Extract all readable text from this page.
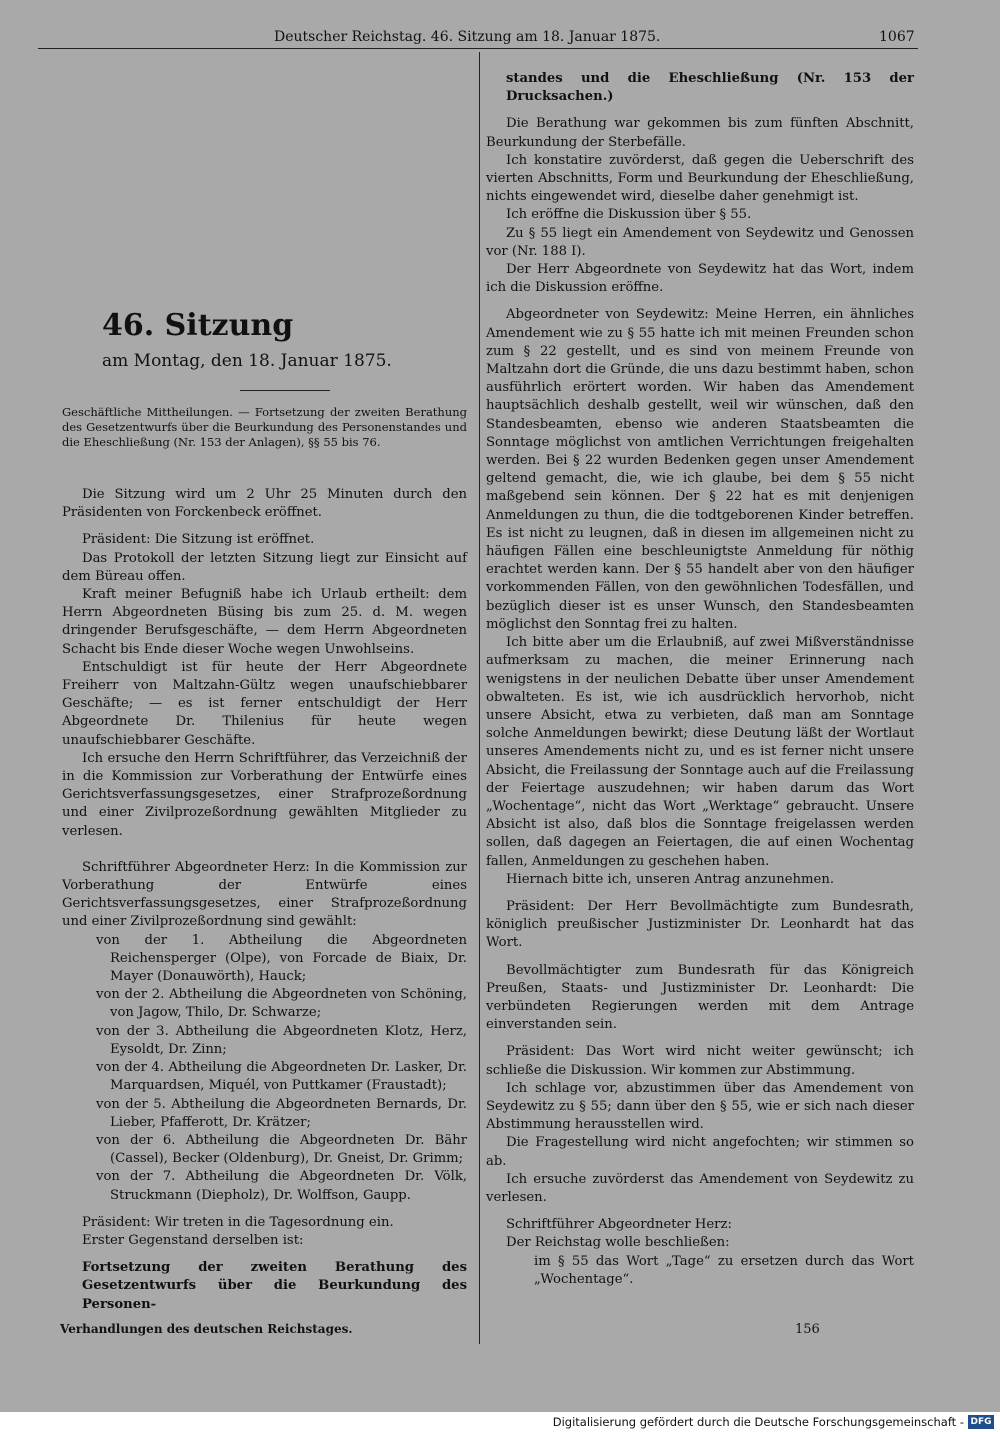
Deutscher Reichstag. 46. Sitzung am 18. Januar 1875.	1067

46. Sitzung

am Montag, den 18. Januar 1875.

Geschäftliche Mittheilungen. — Fortsetzung der zweiten Berathung des Gesetzentwurfs über die Beurkundung des Personenstandes und die Eheschließung (Nr. 153 der Anlagen), §§ 55 bis 76.

Die Sitzung wird um 2 Uhr 25 Minuten durch den Präsidenten von Forckenbeck eröffnet.

Präsident: Die Sitzung ist eröffnet.

Das Protokoll der letzten Sitzung liegt zur Einsicht auf dem Büreau offen.

Kraft meiner Befugniß habe ich Urlaub ertheilt: dem Herrn Abgeordneten Büsing bis zum 25. d. M. wegen dringender Berufsgeschäfte, — dem Herrn Abgeordneten Schacht bis Ende dieser Woche wegen Unwohlseins.

Entschuldigt ist für heute der Herr Abgeordnete Freiherr von Maltzahn-Gültz wegen unaufschiebbarer Geschäfte; — es ist ferner entschuldigt der Herr Abgeordnete Dr. Thilenius für heute wegen unaufschiebbarer Geschäfte.

Ich ersuche den Herrn Schriftführer, das Verzeichniß der in die Kommission zur Vorberathung der Entwürfe eines Gerichtsverfassungsgesetzes, einer Strafprozeßordnung und einer Zivilprozeßordnung gewählten Mitglieder zu verlesen.

Schriftführer Abgeordneter Herz: In die Kommission zur Vorberathung der Entwürfe eines Gerichtsverfassungsgesetzes, einer Strafprozeßordnung und einer Zivilprozeßordnung sind gewählt:

von der 1. Abtheilung die Abgeordneten Reichensperger (Olpe), von Forcade de Biaix, Dr. Mayer (Donauwörth), Hauck;

von der 2. Abtheilung die Abgeordneten von Schöning, von Jagow, Thilo, Dr. Schwarze;

von der 3. Abtheilung die Abgeordneten Klotz, Herz, Eysoldt, Dr. Zinn;

von der 4. Abtheilung die Abgeordneten Dr. Lasker, Dr. Marquardsen, Miquél, von Puttkamer (Fraustadt);

von der 5. Abtheilung die Abgeordneten Bernards, Dr. Lieber, Pfafferott, Dr. Krätzer;

von der 6. Abtheilung die Abgeordneten Dr. Bähr (Cassel), Becker (Oldenburg), Dr. Gneist, Dr. Grimm;

von der 7. Abtheilung die Abgeordneten Dr. Völk, Struckmann (Diepholz), Dr. Wolffson, Gaupp.

Präsident: Wir treten in die Tagesordnung ein.

Erster Gegenstand derselben ist:

Fortsetzung der zweiten Berathung des Gesetzentwurfs über die Beurkundung des Personen-

standes und die Eheschließung (Nr. 153 der Drucksachen.)

Die Berathung war gekommen bis zum fünften Abschnitt, Beurkundung der Sterbefälle.

Ich konstatire zuvörderst, daß gegen die Ueberschrift des vierten Abschnitts, Form und Beurkundung der Eheschließung, nichts eingewendet wird, dieselbe daher genehmigt ist.

Ich eröffne die Diskussion über § 55.

Zu § 55 liegt ein Amendement von Seydewitz und Genossen vor (Nr. 188 I).

Der Herr Abgeordnete von Seydewitz hat das Wort, indem ich die Diskussion eröffne.

Abgeordneter von Seydewitz: Meine Herren, ein ähnliches Amendement wie zu § 55 hatte ich mit meinen Freunden schon zum § 22 gestellt, und es sind von meinem Freunde von Maltzahn dort die Gründe, die uns dazu bestimmt haben, schon ausführlich erörtert worden. Wir haben das Amendement hauptsächlich deshalb gestellt, weil wir wünschen, daß den Standesbeamten, ebenso wie anderen Staatsbeamten die Sonntage möglichst von amtlichen Verrichtungen freigehalten werden. Bei § 22 wurden Bedenken gegen unser Amendement geltend gemacht, die, wie ich glaube, bei dem § 55 nicht maßgebend sein können. Der § 22 hat es mit denjenigen Anmeldungen zu thun, die die todtgeborenen Kinder betreffen. Es ist nicht zu leugnen, daß in diesen im allgemeinen nicht zu häufigen Fällen eine beschleunigtste Anmeldung für nöthig erachtet werden kann. Der § 55 handelt aber von den häufiger vorkommenden Fällen, von den gewöhnlichen Todesfällen, und bezüglich dieser ist es unser Wunsch, den Standesbeamten möglichst den Sonntag frei zu halten.

Ich bitte aber um die Erlaubniß, auf zwei Mißverständnisse aufmerksam zu machen, die meiner Erinnerung nach wenigstens in der neulichen Debatte über unser Amendement obwalteten. Es ist, wie ich ausdrücklich hervorhob, nicht unsere Absicht, etwa zu verbieten, daß man am Sonntage solche Anmeldungen bewirkt; diese Deutung läßt der Wortlaut unseres Amendements nicht zu, und es ist ferner nicht unsere Absicht, die Freilassung der Sonntage auch auf die Freilassung der Feiertage auszudehnen; wir haben darum das Wort „Wochentage“, nicht das Wort „Werktage“ gebraucht. Unsere Absicht ist also, daß blos die Sonntage freigelassen werden sollen, daß dagegen an Feiertagen, die auf einen Wochentag fallen, Anmeldungen zu geschehen haben.

Hiernach bitte ich, unseren Antrag anzunehmen.

Präsident: Der Herr Bevollmächtigte zum Bundesrath, königlich preußischer Justizminister Dr. Leonhardt hat das Wort.

Bevollmächtigter zum Bundesrath für das Königreich Preußen, Staats- und Justizminister Dr. Leonhardt: Die verbündeten Regierungen werden mit dem Antrage einverstanden sein.

Präsident: Das Wort wird nicht weiter gewünscht; ich schließe die Diskussion. Wir kommen zur Abstimmung.

Ich schlage vor, abzustimmen über das Amendement von Seydewitz zu § 55; dann über den § 55, wie er sich nach dieser Abstimmung herausstellen wird.

Die Fragestellung wird nicht angefochten; wir stimmen so ab.

Ich ersuche zuvörderst das Amendement von Seydewitz zu verlesen.

Schriftführer Abgeordneter Herz:

Der Reichstag wolle beschließen:

im § 55 das Wort „Tage“ zu ersetzen durch das Wort „Wochentage“.

Verhandlungen des deutschen Reichstages.	156
Digitalisierung gefördert durch die Deutsche Forschungsgemeinschaft - DFG
